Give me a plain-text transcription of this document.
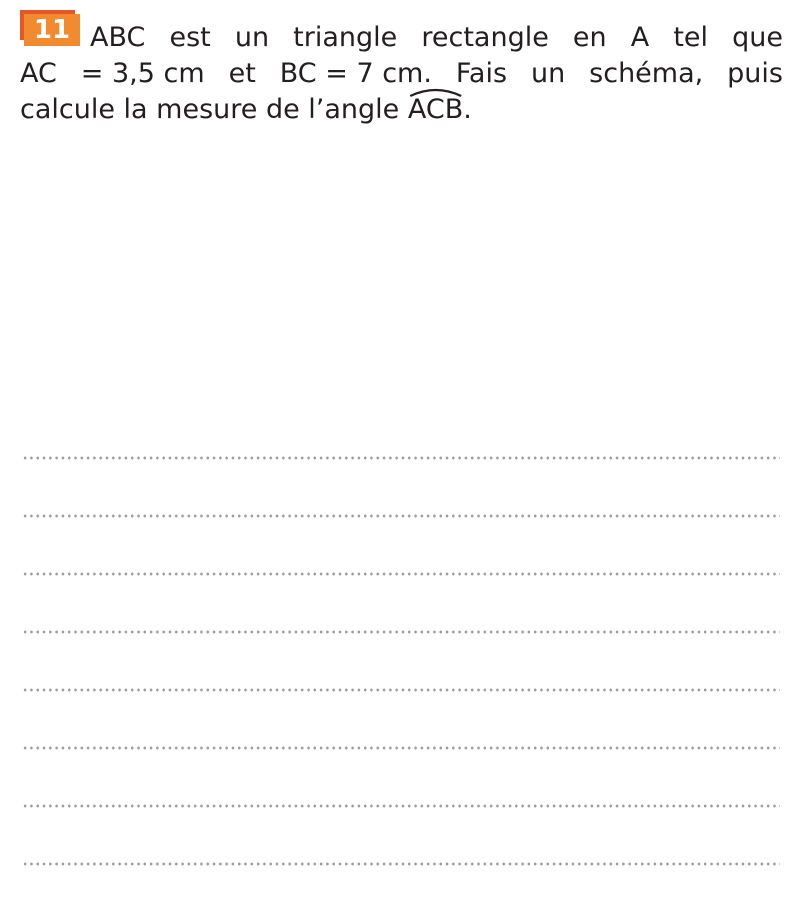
11 ABC est un triangle rectangle en A tel que
AC = 3,5 cm et BC = 7 cm. Fais un schéma, puis
calcule la mesure de l’angle
ACB.
